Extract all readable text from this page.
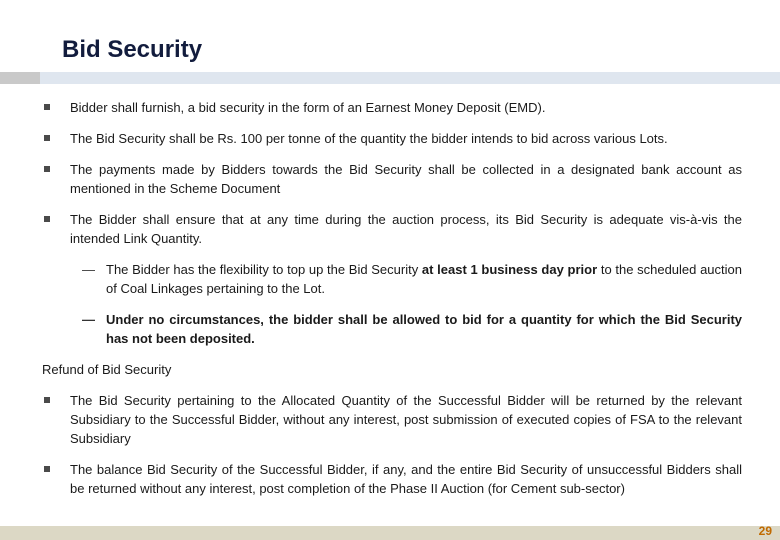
Bid Security
Bidder shall furnish, a bid security in the form of an Earnest Money Deposit (EMD).
The Bid Security shall be Rs. 100 per tonne of the quantity the bidder intends to bid across various Lots.
The payments made by Bidders towards the Bid Security shall be collected in a designated bank account as mentioned in the Scheme Document
The Bidder shall ensure that at any time during the auction process, its Bid Security is adequate vis-à-vis the intended Link Quantity.
— The Bidder has the flexibility to top up the Bid Security at least 1 business day prior to the scheduled auction of Coal Linkages pertaining to the Lot.
— Under no circumstances, the bidder shall be allowed to bid for a quantity for which the Bid Security has not been deposited.
Refund of Bid Security
The Bid Security pertaining to the Allocated Quantity of the Successful Bidder will be returned by the relevant Subsidiary to the Successful Bidder, without any interest, post submission of executed copies of FSA to the relevant Subsidiary
The balance Bid Security of the Successful Bidder, if any, and the entire Bid Security of unsuccessful Bidders shall be returned without any interest, post completion of the Phase II Auction (for Cement sub-sector)
29
